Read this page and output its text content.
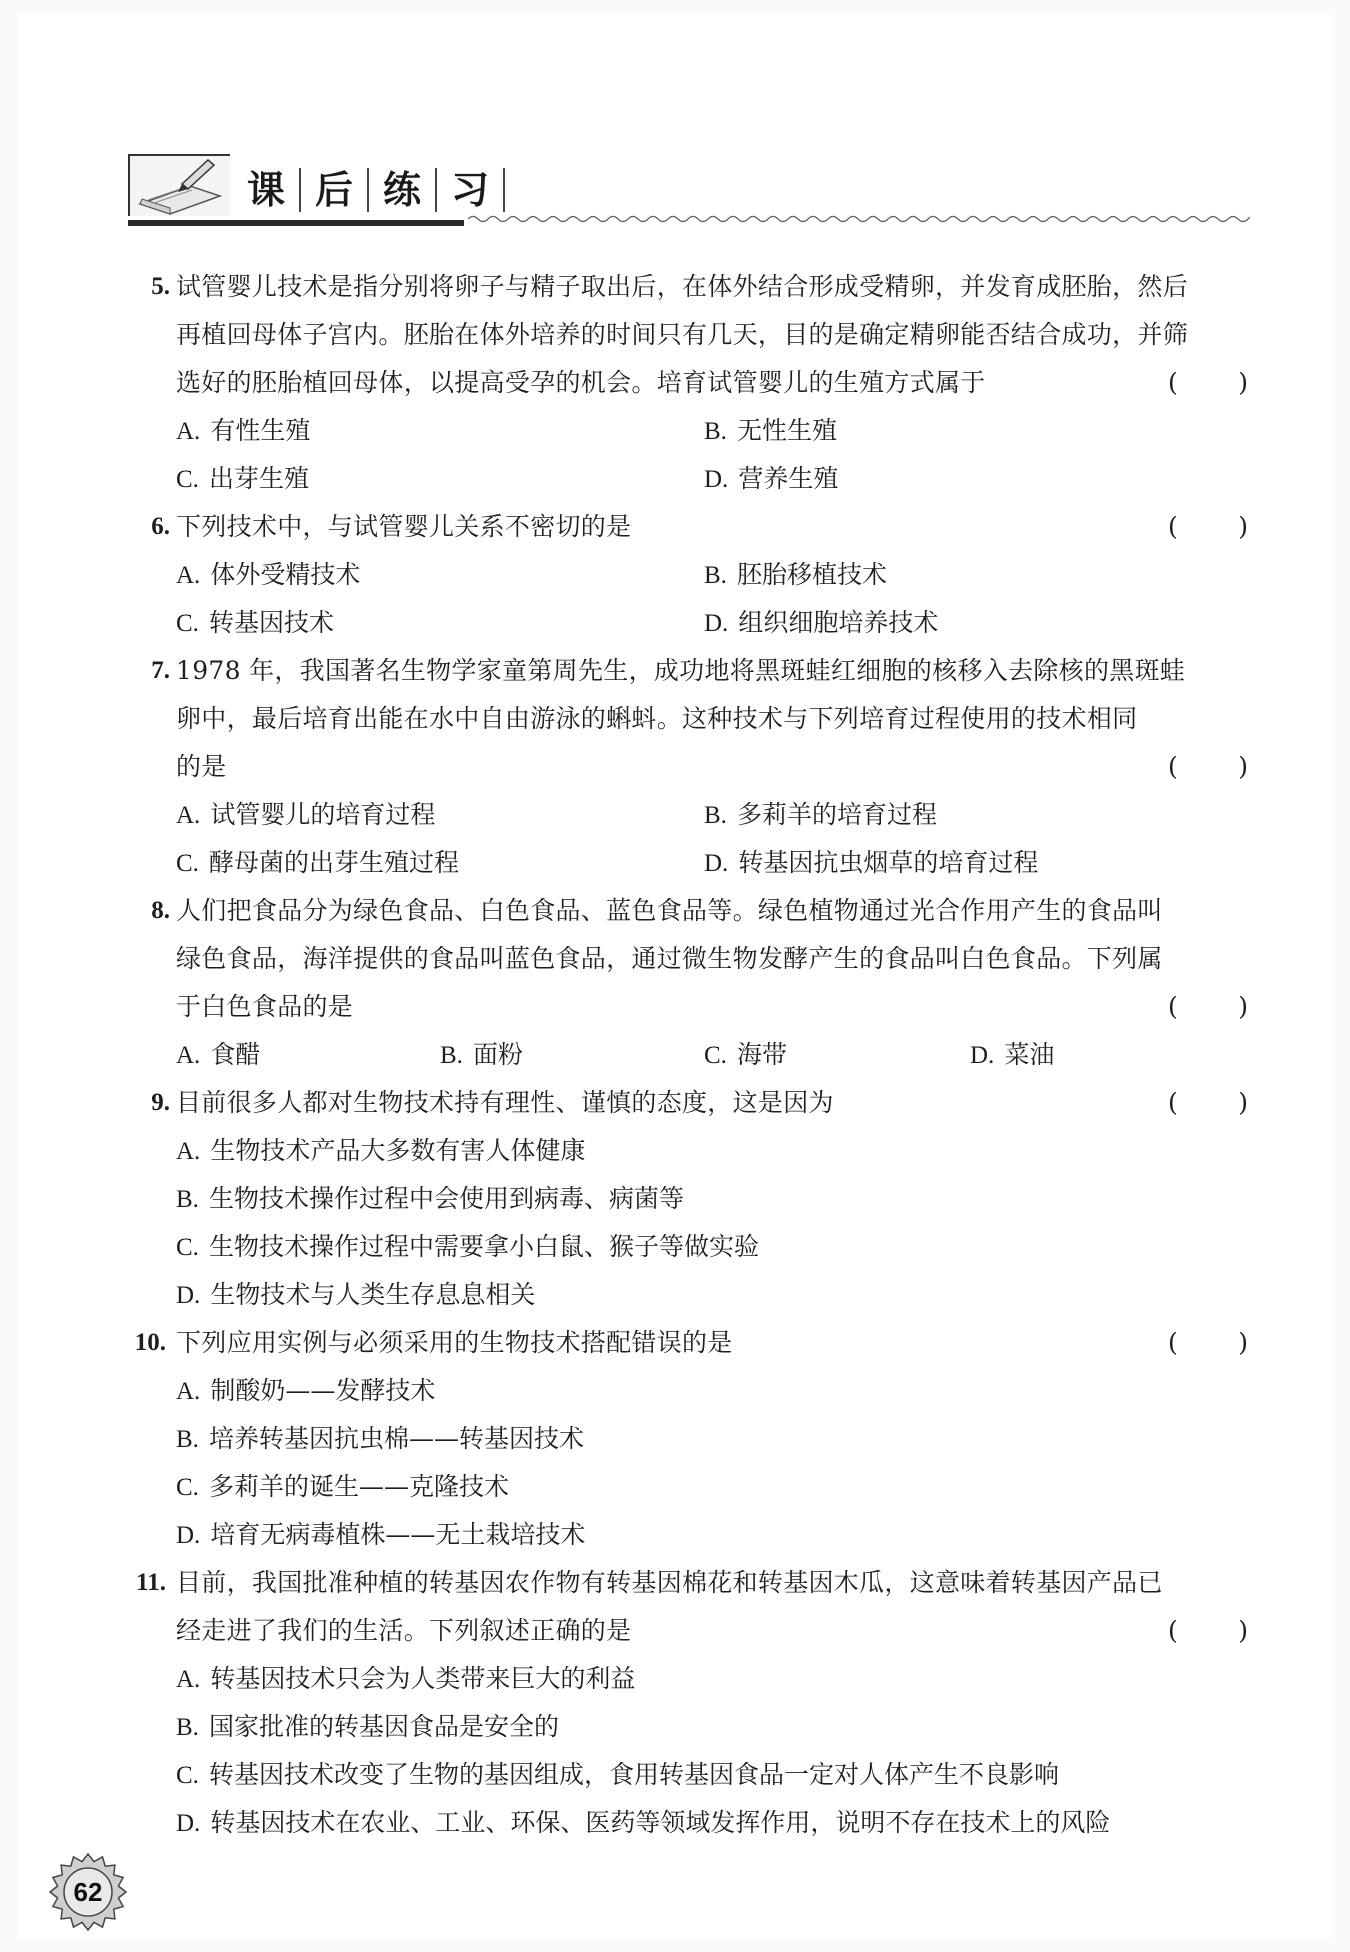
课 后 练 习
5. 试管婴儿技术是指分别将卵子与精子取出后，在体外结合形成受精卵，并发育成胚胎，然后
再植回母体子宫内。胚胎在体外培养的时间只有几天，目的是确定精卵能否结合成功，并筛
选好的胚胎植回母体，以提高受孕的机会。培育试管婴儿的生殖方式属于	( )
A. 有性生殖	B. 无性生殖
C. 出芽生殖	D. 营养生殖
6. 下列技术中，与试管婴儿关系不密切的是	( )
A. 体外受精技术	B. 胚胎移植技术
C. 转基因技术	D. 组织细胞培养技术
7. 1978 年，我国著名生物学家童第周先生，成功地将黑斑蛙红细胞的核移入去除核的黑斑蛙
卵中，最后培育出能在水中自由游泳的蝌蚪。这种技术与下列培育过程使用的技术相同
的是	( )
A. 试管婴儿的培育过程	B. 多莉羊的培育过程
C. 酵母菌的出芽生殖过程	D. 转基因抗虫烟草的培育过程
8. 人们把食品分为绿色食品、白色食品、蓝色食品等。绿色植物通过光合作用产生的食品叫
绿色食品，海洋提供的食品叫蓝色食品，通过微生物发酵产生的食品叫白色食品。下列属
于白色食品的是	( )
A. 食醋	B. 面粉	C. 海带	D. 菜油
9. 目前很多人都对生物技术持有理性、谨慎的态度，这是因为	( )
A. 生物技术产品大多数有害人体健康
B. 生物技术操作过程中会使用到病毒、病菌等
C. 生物技术操作过程中需要拿小白鼠、猴子等做实验
D. 生物技术与人类生存息息相关
10. 下列应用实例与必须采用的生物技术搭配错误的是	( )
A. 制酸奶——发酵技术
B. 培养转基因抗虫棉——转基因技术
C. 多莉羊的诞生——克隆技术
D. 培育无病毒植株——无土栽培技术
11. 目前，我国批准种植的转基因农作物有转基因棉花和转基因木瓜，这意味着转基因产品已
经走进了我们的生活。下列叙述正确的是	( )
A. 转基因技术只会为人类带来巨大的利益
B. 国家批准的转基因食品是安全的
C. 转基因技术改变了生物的基因组成，食用转基因食品一定对人体产生不良影响
D. 转基因技术在农业、工业、环保、医药等领域发挥作用，说明不存在技术上的风险
62
